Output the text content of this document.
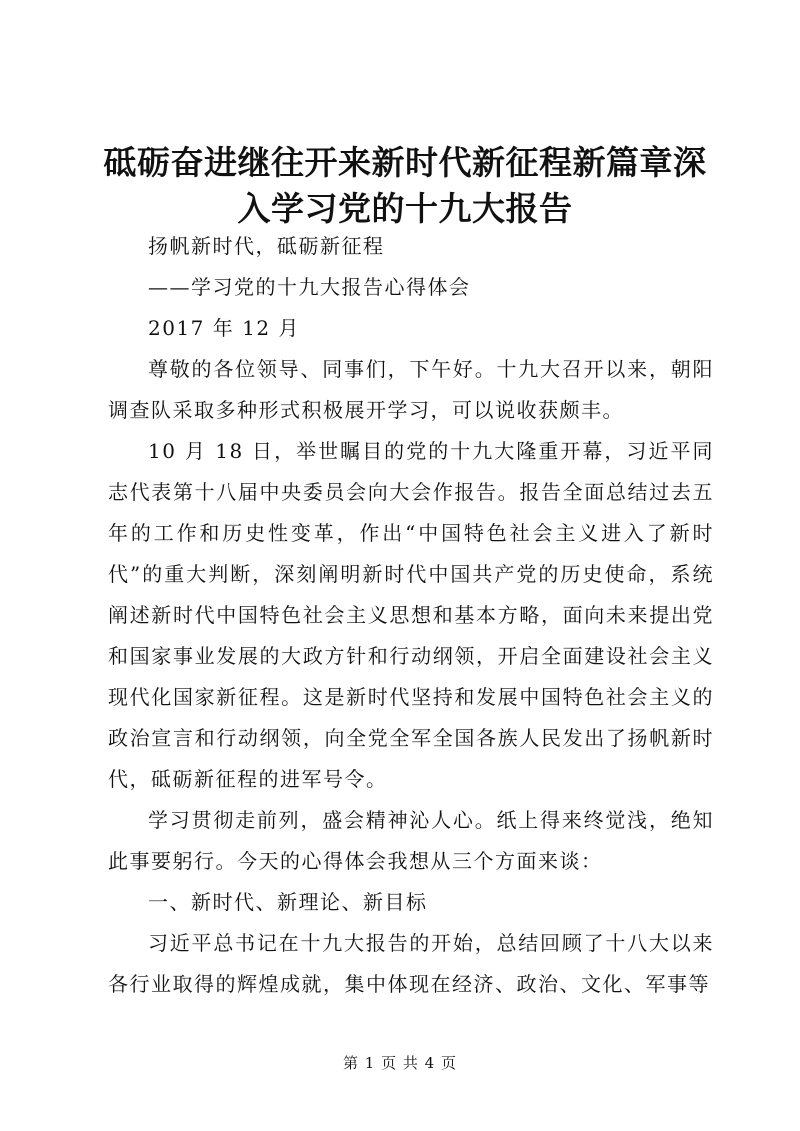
砥砺奋进继往开来新时代新征程新篇章深入学习党的十九大报告

扬帆新时代，砥砺新征程

——学习党的十九大报告心得体会

2017 年 12 月

尊敬的各位领导、同事们，下午好。十九大召开以来，朝阳调查队采取多种形式积极展开学习，可以说收获颇丰。

10 月 18 日，举世瞩目的党的十九大隆重开幕，习近平同志代表第十八届中央委员会向大会作报告。报告全面总结过去五年的工作和历史性变革，作出“中国特色社会主义进入了新时代”的重大判断，深刻阐明新时代中国共产党的历史使命，系统阐述新时代中国特色社会主义思想和基本方略，面向未来提出党和国家事业发展的大政方针和行动纲领，开启全面建设社会主义现代化国家新征程。这是新时代坚持和发展中国特色社会主义的政治宣言和行动纲领，向全党全军全国各族人民发出了扬帆新时代，砥砺新征程的进军号令。

学习贯彻走前列，盛会精神沁人心。纸上得来终觉浅，绝知此事要躬行。今天的心得体会我想从三个方面来谈：

一、新时代、新理论、新目标

习近平总书记在十九大报告的开始，总结回顾了十八大以来各行业取得的辉煌成就，集中体现在经济、政治、文化、军事等

第 1 页 共 4 页
